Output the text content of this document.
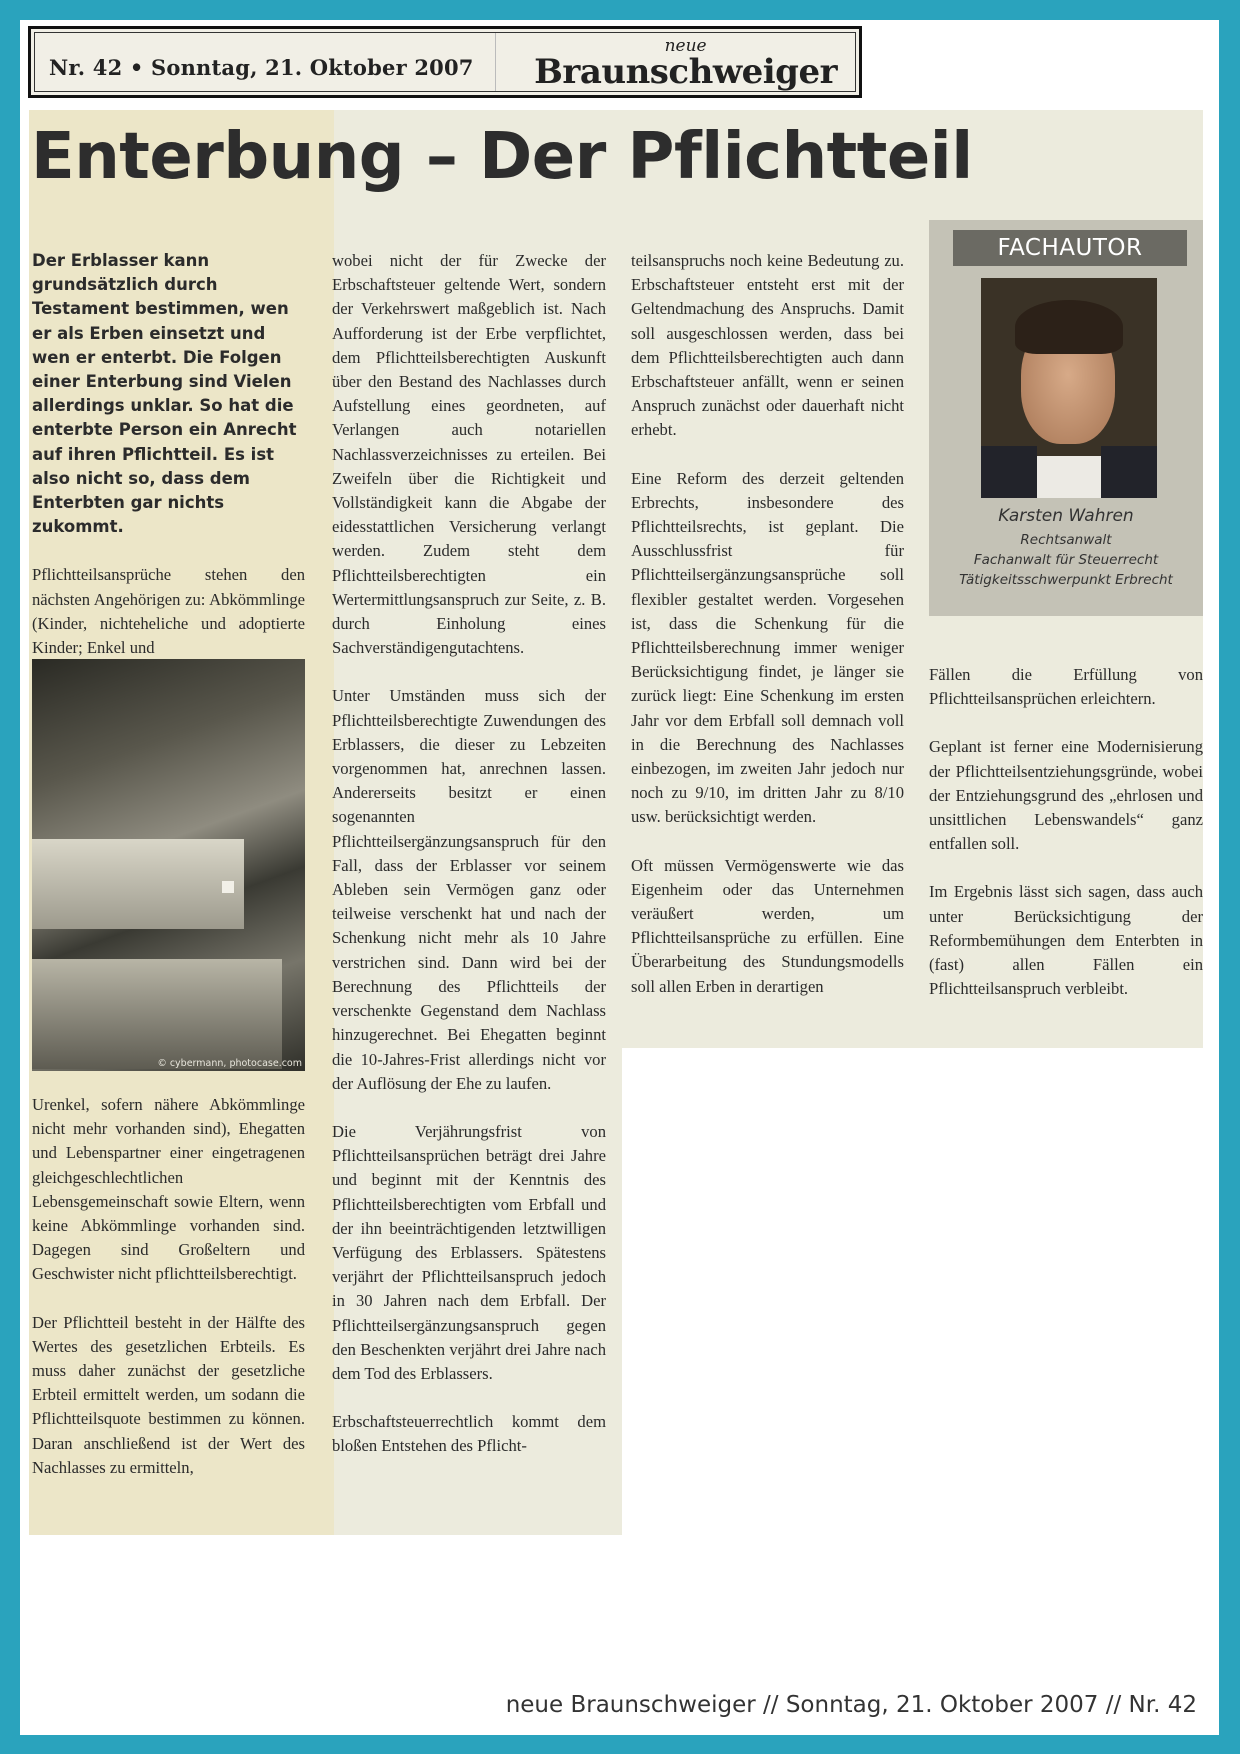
Nr. 42 • Sonntag, 21. Oktober 2007
neue
Braunschweiger
Enterbung – Der Pflichtteil

Der Erblasser kann grundsätzlich durch Testament bestimmen, wen er als Erben einsetzt und wen er enterbt. Die Folgen einer Enterbung sind Vielen allerdings unklar. So hat die enterbte Person ein Anrecht auf ihren Pflichtteil. Es ist also nicht so, dass dem Enterbten gar nichts zukommt.

Pflichtteilsansprüche stehen den nächsten Angehörigen zu: Abkömmlinge (Kinder, nichteheliche und adoptierte Kinder; Enkel und

© cybermann, photocase.com

Urenkel, sofern nähere Abkömmlinge nicht mehr vorhanden sind), Ehegatten und Lebenspartner einer eingetragenen gleichgeschlechtlichen Lebensgemeinschaft sowie Eltern, wenn keine Abkömmlinge vorhanden sind. Dagegen sind Großeltern und Geschwister nicht pflichtteilsberechtigt.

Der Pflichtteil besteht in der Hälfte des Wertes des gesetzlichen Erbteils. Es muss daher zunächst der gesetzliche Erbteil ermittelt werden, um sodann die Pflichtteilsquote bestimmen zu können. Daran anschließend ist der Wert des Nachlasses zu ermitteln,

wobei nicht der für Zwecke der Erbschaftsteuer geltende Wert, sondern der Verkehrswert maßgeblich ist. Nach Aufforderung ist der Erbe verpflichtet, dem Pflichtteilsberechtigten Auskunft über den Bestand des Nachlasses durch Aufstellung eines geordneten, auf Verlangen auch notariellen Nachlassverzeichnisses zu erteilen. Bei Zweifeln über die Richtigkeit und Vollständigkeit kann die Abgabe der eidesstattlichen Versicherung verlangt werden. Zudem steht dem Pflichtteilsberechtigten ein Wertermittlungsanspruch zur Seite, z. B. durch Einholung eines Sachverständigengutachtens.

Unter Umständen muss sich der Pflichtteilsberechtigte Zuwendungen des Erblassers, die dieser zu Lebzeiten vorgenommen hat, anrechnen lassen. Andererseits besitzt er einen sogenannten Pflichtteilsergänzungsanspruch für den Fall, dass der Erblasser vor seinem Ableben sein Vermögen ganz oder teilweise verschenkt hat und nach der Schenkung nicht mehr als 10 Jahre verstrichen sind. Dann wird bei der Berechnung des Pflichtteils der verschenkte Gegenstand dem Nachlass hinzugerechnet. Bei Ehegatten beginnt die 10-Jahres-Frist allerdings nicht vor der Auflösung der Ehe zu laufen.

Die Verjährungsfrist von Pflichtteilsansprüchen beträgt drei Jahre und beginnt mit der Kenntnis des Pflichtteilsberechtigten vom Erbfall und der ihn beeinträchtigenden letztwilligen Verfügung des Erblassers. Spätestens verjährt der Pflichtteilsanspruch jedoch in 30 Jahren nach dem Erbfall. Der Pflichtteilsergänzungsanspruch gegen den Beschenkten verjährt drei Jahre nach dem Tod des Erblassers.

Erbschaftsteuerrechtlich kommt dem bloßen Entstehen des Pflicht-

teilsanspruchs noch keine Bedeutung zu. Erbschaftsteuer entsteht erst mit der Geltendmachung des Anspruchs. Damit soll ausgeschlossen werden, dass bei dem Pflichtteilsberechtigten auch dann Erbschaftsteuer anfällt, wenn er seinen Anspruch zunächst oder dauerhaft nicht erhebt.

Eine Reform des derzeit geltenden Erbrechts, insbesondere des Pflichtteilsrechts, ist geplant. Die Ausschlussfrist für Pflichtteilsergänzungsansprüche soll flexibler gestaltet werden. Vorgesehen ist, dass die Schenkung für die Pflichtteilsberechnung immer weniger Berücksichtigung findet, je länger sie zurück liegt: Eine Schenkung im ersten Jahr vor dem Erbfall soll demnach voll in die Berechnung des Nachlasses einbezogen, im zweiten Jahr jedoch nur noch zu 9/10, im dritten Jahr zu 8/10 usw. berücksichtigt werden.

Oft müssen Vermögenswerte wie das Eigenheim oder das Unternehmen veräußert werden, um Pflichtteilsansprüche zu erfüllen. Eine Überarbeitung des Stundungsmodells soll allen Erben in derartigen

FACHAUTOR
Karsten Wahren
Rechtsanwalt
Fachanwalt für Steuerrecht
Tätigkeitsschwerpunkt Erbrecht

Fällen die Erfüllung von Pflichtteilsansprüchen erleichtern.

Geplant ist ferner eine Modernisierung der Pflichtteilsentziehungsgründe, wobei der Entziehungsgrund des „ehrlosen und unsittlichen Lebenswandels“ ganz entfallen soll.

Im Ergebnis lässt sich sagen, dass auch unter Berücksichtigung der Reformbemühungen dem Enterbten in (fast) allen Fällen ein Pflichtteilsanspruch verbleibt.

neue Braunschweiger // Sonntag, 21. Oktober 2007 // Nr. 42
